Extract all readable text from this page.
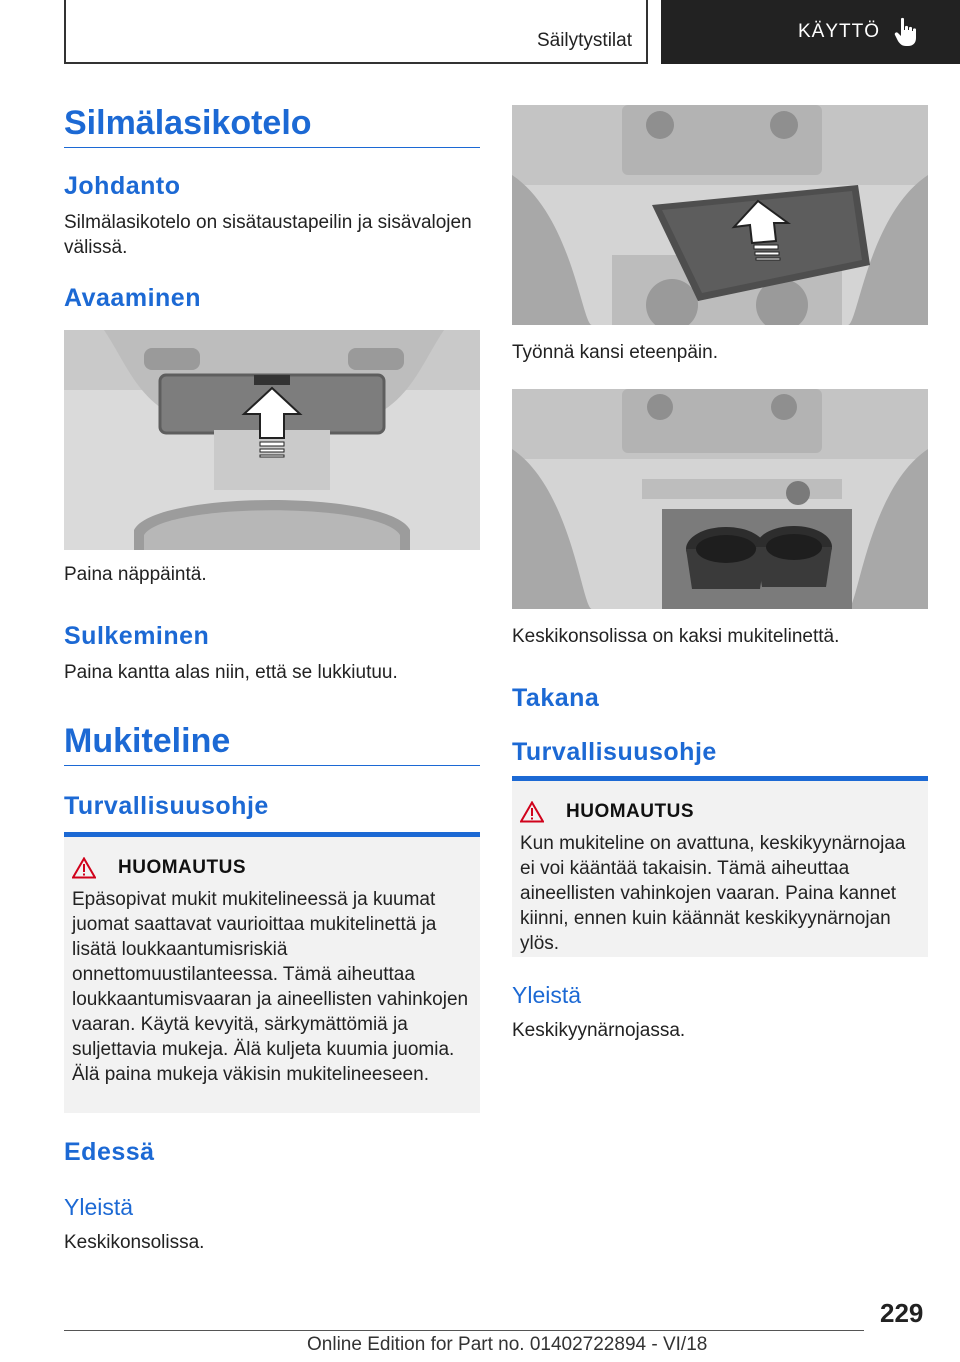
Säilytystilat	KÄYTTÖ
Silmälasikotelo
Johdanto
Silmälasikotelo on sisätaustapeilin ja sisävalojen välissä.
Avaaminen
Paina näppäintä.
Sulkeminen
Paina kantta alas niin, että se lukkiutuu.
Mukiteline
Turvallisuusohje
HUOMAUTUS
Epäsopivat mukit mukitelineessä ja kuumat juomat saattavat vaurioittaa mukitelinettä ja lisätä loukkaantumisriskiä onnettomuustilanteessa. Tämä aiheuttaa loukkaantumisvaaran ja aineellisten vahinkojen vaaran. Käytä kevyitä, särkymättömiä ja suljettavia mukeja. Älä kuljeta kuumia juomia. Älä paina mukeja väkisin mukitelineeseen.
Edessä
Yleistä
Keskikonsolissa.
Työnnä kansi eteenpäin.
Keskikonsolissa on kaksi mukitelinettä.
Takana
Turvallisuusohje
HUOMAUTUS
Kun mukiteline on avattuna, keskikyynärnojaa ei voi kääntää takaisin. Tämä aiheuttaa aineellisten vahinkojen vaaran. Paina kannet kiinni, ennen kuin käännät keskikyynärnojan ylös.
Yleistä
Keskikyynärnojassa.
229
Online Edition for Part no. 01402722894 - VI/18
